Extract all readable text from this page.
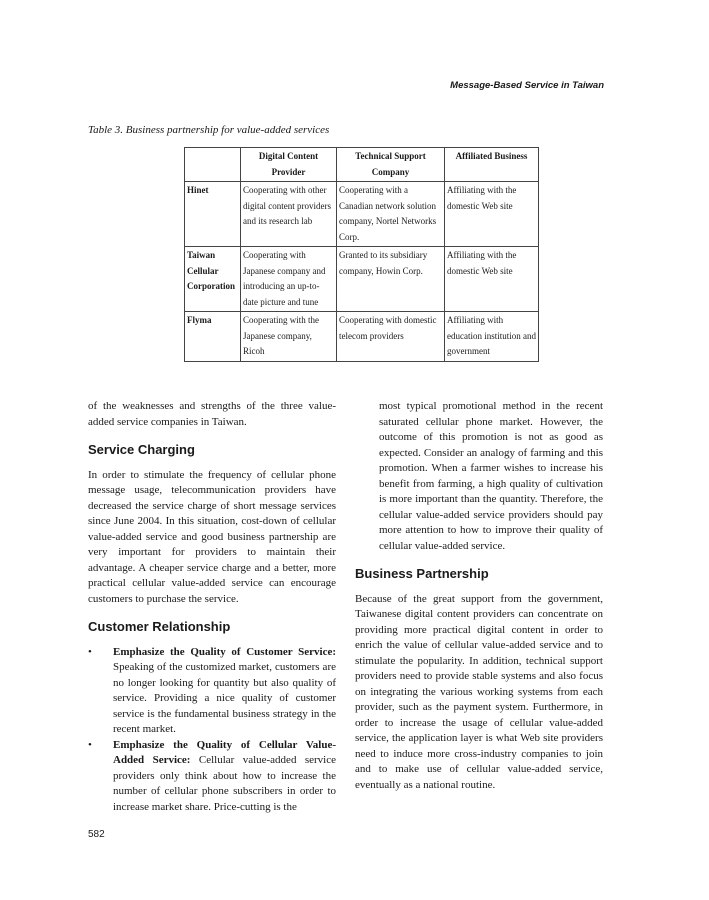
Message-Based Service in Taiwan
Table 3. Business partnership for value-added services
	Digital Content Provider	Technical Support Company	Affiliated Business
Hinet	Cooperating with other digital content providers and its research lab	Cooperating with a Canadian network solution company, Nortel Networks Corp.	Affiliating with the domestic Web site
Taiwan Cellular Corporation	Cooperating with Japanese company and introducing an up-to-date picture and tune	Granted to its subsidiary company, Howin Corp.	Affiliating with the domestic Web site
Flyma	Cooperating with the Japanese company, Ricoh	Cooperating with domestic telecom providers	Affiliating with education institution and government

of the weaknesses and strengths of the three value-added service companies in Taiwan.

Service Charging

In order to stimulate the frequency of cellular phone message usage, telecommunication providers have decreased the service charge of short message services since June 2004. In this situation, cost-down of cellular value-added service and good business partnership are very important for providers to maintain their advantage. A cheaper service charge and a better, more practical cellular value-added service can encourage customers to purchase the service.

Customer Relationship
• Emphasize the Quality of Customer Service: Speaking of the customized market, customers are no longer looking for quantity but also quality of service. Providing a nice quality of customer service is the fundamental business strategy in the recent market.
• Emphasize the Quality of Cellular Value-Added Service: Cellular value-added service providers only think about how to increase the number of cellular phone subscribers in order to increase market share. Price-cutting is the

most typical promotional method in the recent saturated cellular phone market. However, the outcome of this promotion is not as good as expected. Consider an analogy of farming and this promotion. When a farmer wishes to increase his benefit from farming, a high quality of cultivation is more important than the quantity. Therefore, the cellular value-added service providers should pay more attention to how to improve their quality of cellular value-added service.

Business Partnership

Because of the great support from the government, Taiwanese digital content providers can concentrate on providing more practical digital content in order to enrich the value of cellular value-added service and to stimulate the popularity. In addition, technical support providers need to provide stable systems and also focus on integrating the various working systems from each provider, such as the payment system. Furthermore, in order to increase the usage of cellular value-added service, the application layer is what Web site providers need to induce more cross-industry companies to join and to make use of cellular value-added service, eventually as a national routine.

582
